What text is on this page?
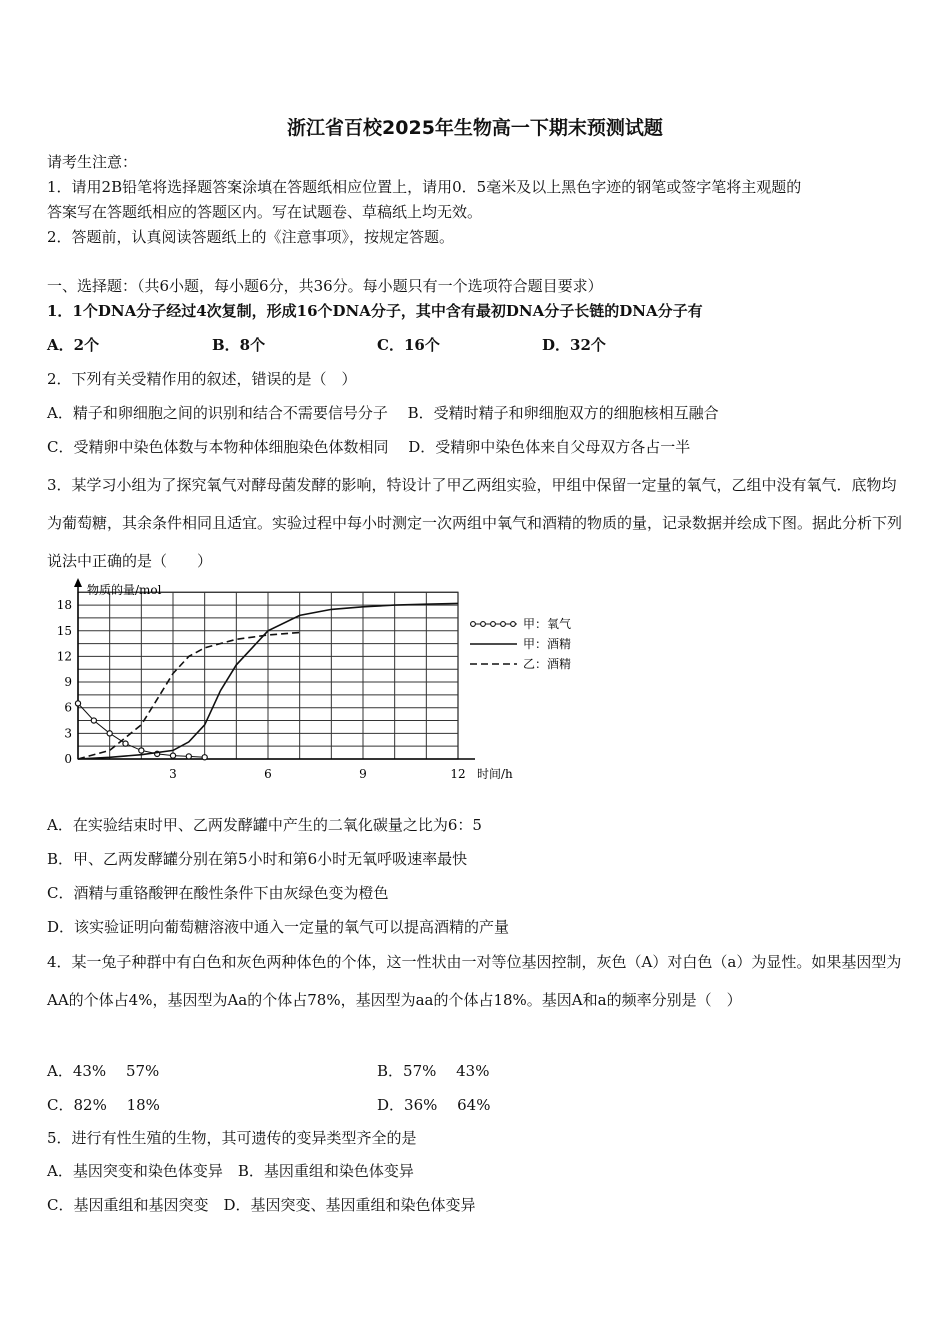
浙江省百校2025年生物高一下期末预测试题
请考生注意：
1．请用2B铅笔将选择题答案涂填在答题纸相应位置上，请用0．5毫米及以上黑色字迹的钢笔或签字笔将主观题的
答案写在答题纸相应的答题区内。写在试题卷、草稿纸上均无效。
2．答题前，认真阅读答题纸上的《注意事项》，按规定答题。
一、选择题：（共6小题，每小题6分，共36分。每小题只有一个选项符合题目要求）
1．1个DNA分子经过4次复制，形成16个DNA分子，其中含有最初DNA分子长链的DNA分子有
A．2个	B．8个	C．16个	D．32个
2．下列有关受精作用的叙述，错误的是（　）
A．精子和卵细胞之间的识别和结合不需要信号分子　 B．受精时精子和卵细胞双方的细胞核相互融合
C．受精卵中染色体数与本物种体细胞染色体数相同　 D．受精卵中染色体来自父母双方各占一半
3．某学习小组为了探究氧气对酵母菌发酵的影响，特设计了甲乙两组实验，甲组中保留一定量的氧气，乙组中没有氧气．底物均为葡萄糖，其余条件相同且适宜。实验过程中每小时测定一次两组中氧气和酒精的物质的量，记录数据并绘成下图。据此分析下列说法中正确的是（　　）
18
15
12
9
6
3
0
3	6	9	12
甲：氧气
甲：酒精
乙：酒精
物质的量/mol
时间/h
A．在实验结束时甲、乙两发酵罐中产生的二氧化碳量之比为6：5
B．甲、乙两发酵罐分别在第5小时和第6小时无氧呼吸速率最快
C．酒精与重铬酸钾在酸性条件下由灰绿色变为橙色
D．该实验证明向葡萄糖溶液中通入一定量的氧气可以提高酒精的产量
4．某一兔子种群中有白色和灰色两种体色的个体，这一性状由一对等位基因控制，灰色（A）对白色（a）为显性。如果基因型为AA的个体占4%，基因型为Aa的个体占78%，基因型为aa的个体占18%。基因A和a的频率分别是（　）
A．43%　 57%	B．57%　 43%
C．82%　 18%	D．36%　 64%
5．进行有性生殖的生物，其可遗传的变异类型齐全的是
A．基因突变和染色体变异　B．基因重组和染色体变异
C．基因重组和基因突变　D．基因突变、基因重组和染色体变异
